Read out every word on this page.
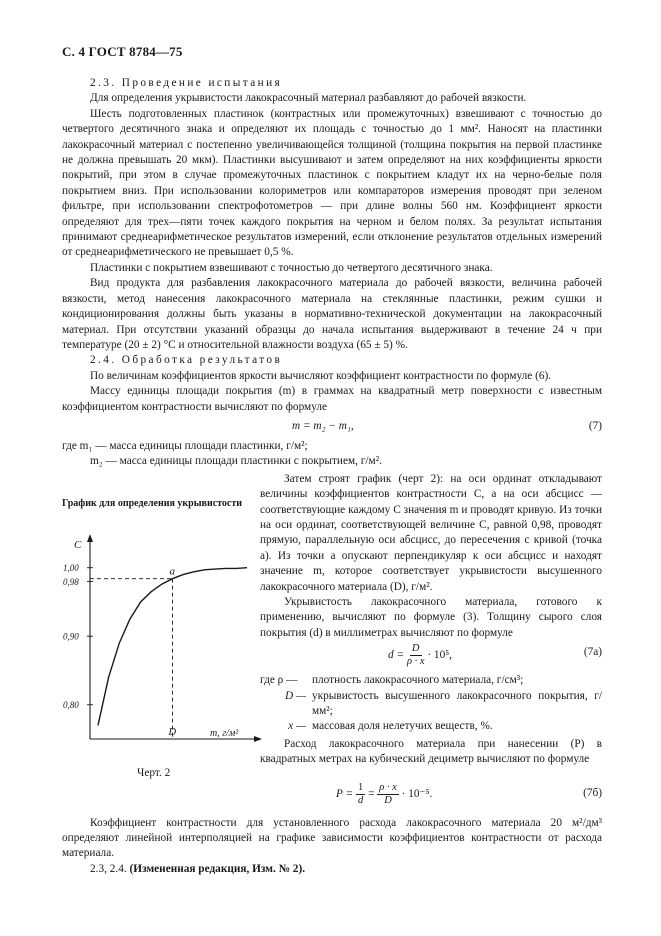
С. 4 ГОСТ 8784—75

2.3. Проведение испытания

Для определения укрывистости лакокрасочный материал разбавляют до рабочей вязкости.

Шесть подготовленных пластинок (контрастных или промежуточных) взвешивают с точностью до четвертого десятичного знака и определяют их площадь с точностью до 1 мм². Наносят на пластинки лакокрасочный материал с постепенно увеличивающейся толщиной (толщина покрытия на первой пластинке не должна превышать 20 мкм). Пластинки высушивают и затем определяют на них коэффициенты яркости покрытий, при этом в случае промежуточных пластинок с покрытием кладут их на черно-белые поля покрытием вниз. При использовании колориметров или компараторов измерения проводят при зеленом фильтре, при использовании спектрофотометров — при длине волны 560 нм. Коэффициент яркости определяют для трех—пяти точек каждого покрытия на черном и белом полях. За результат испытания принимают среднеарифметическое результатов измерений, если отклонение результатов отдельных измерений от среднеарифметического не превышает 0,5 %.

Пластинки с покрытием взвешивают с точностью до четвертого десятичного знака.

Вид продукта для разбавления лакокрасочного материала до рабочей вязкости, величина рабочей вязкости, метод нанесения лакокрасочного материала на стеклянные пластинки, режим сушки и кондиционирования должны быть указаны в нормативно-технической документации на лакокрасочный материал. При отсутствии указаний образцы до начала испытания выдерживают в течение 24 ч при температуре (20 ± 2) °С и относительной влажности воздуха (65 ± 5) %.

2.4. Обработка результатов

По величинам коэффициентов яркости вычисляют коэффициент контрастности по формуле (6).

Массу единицы площади покрытия (m) в граммах на квадратный метр поверхности с известным коэффициентом контрастности вычисляют по формуле

m = m₂ − m₁,	(7)

где m₁ — масса единицы площади пластинки, г/м²;

m₂ — масса единицы площади пластинки с покрытием, г/м².

График для определения укрывистости
C
m, г/м²
1,00
0,98
0,90
0,80
a
D
Черт. 2

Затем строят график (черт 2): на оси ординат откладывают величины коэффициентов контрастности C, а на оси абсцисс — соответствующие каждому C значения m и проводят кривую. Из точки на оси ординат, соответствующей величине C, равной 0,98, проводят прямую, параллельную оси абсцисс, до пересечения с кривой (точка a). Из точки a опускают перпендикуляр к оси абсцисс и находят значение m, которое соответствует укрывистости высушенного лакокрасочного материала (D), г/м².

Укрывистость лакокрасочного материала, готового к применению, вычисляют по формуле (3). Толщину сырого слоя покрытия (d) в миллиметрах вычисляют по формуле

$d = \frac{D}{\rho \cdot x} \cdot 10^5$,	(7а)
где ρ —	плотность лакокрасочного материала, г/см³;
D —	укрывистость высушенного лакокрасочного покрытия, г/мм²;
x —	массовая доля нелетучих веществ, %.

Расход лакокрасочного материала при нанесении (P) в квадратных метрах на кубический дециметр вычисляют по формуле

$P = \frac{1}{d} = \frac{\rho \cdot x}{D} \cdot 10^{-5}$.	(7б)

Коэффициент контрастности для установленного расхода лакокрасочного материала 20 м²/дм³ определяют линейной интерполяцией на графике зависимости коэффициентов контрастности от расхода материала.

2.3, 2.4. (Измененная редакция, Изм. № 2).
